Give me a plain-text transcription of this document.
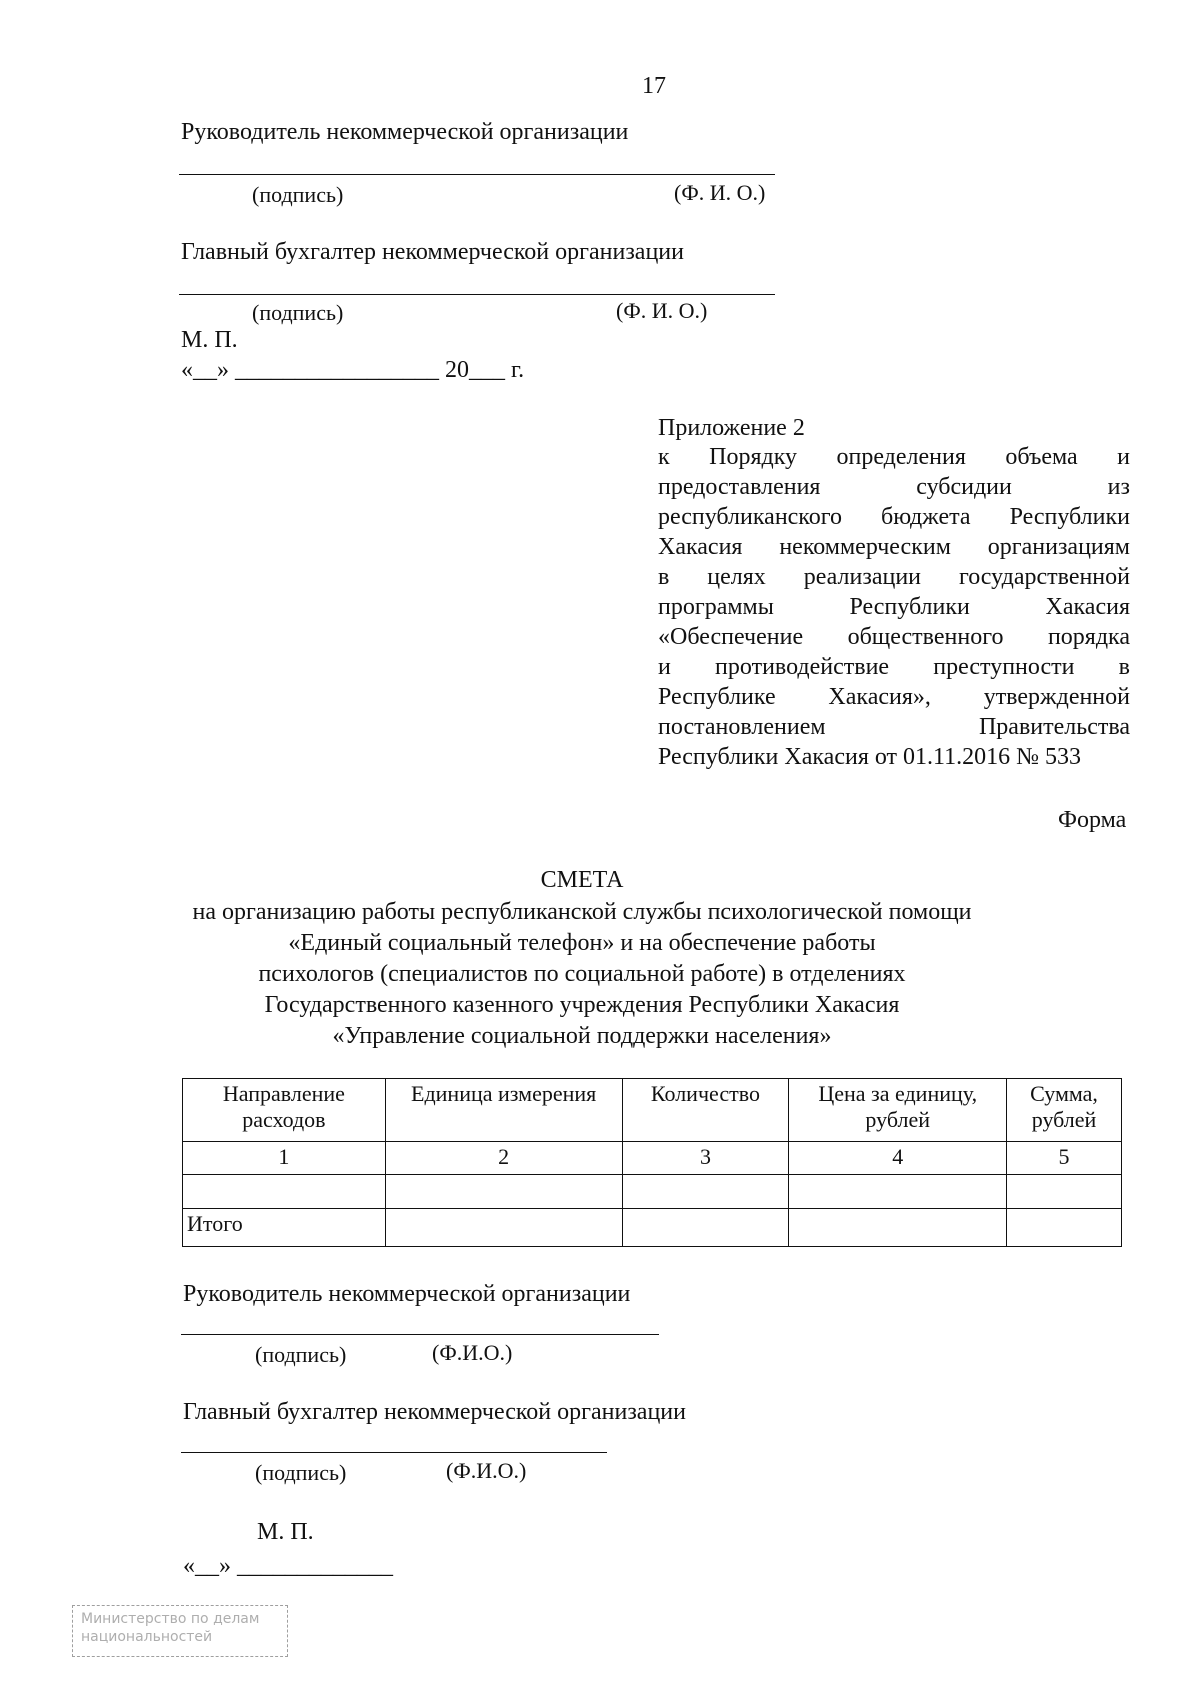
17
Руководитель некоммерческой организации
(подпись)	(Ф. И. О.)
Главный бухгалтер некоммерческой организации
(подпись)	(Ф. И. О.)
М. П.
«__» _________________ 20___ г.
Приложение 2
к Порядку определения объема и
предоставления субсидии из
республиканского бюджета Республики
Хакасия некоммерческим организациям
в целях реализации государственной
программы Республики Хакасия
«Обеспечение общественного порядка
и противодействие преступности в
Республике Хакасия», утвержденной
постановлением Правительства
Республики Хакасия от 01.11.2016 № 533
Форма
СМЕТА
на организацию работы республиканской службы психологической помощи
«Единый социальный телефон» и на обеспечение работы
психологов (специалистов по социальной работе) в отделениях
Государственного казенного учреждения Республики Хакасия
«Управление социальной поддержки населения»
Направление расходов	Единица измерения	Количество	Цена за единицу, рублей	Сумма, рублей
1	2	3	4	5

Итого				
Руководитель некоммерческой организации
(подпись)	(Ф.И.О.)
Главный бухгалтер некоммерческой организации
(подпись)	(Ф.И.О.)
М. П.
«__» _____________
Министерство по делам
национальностей
